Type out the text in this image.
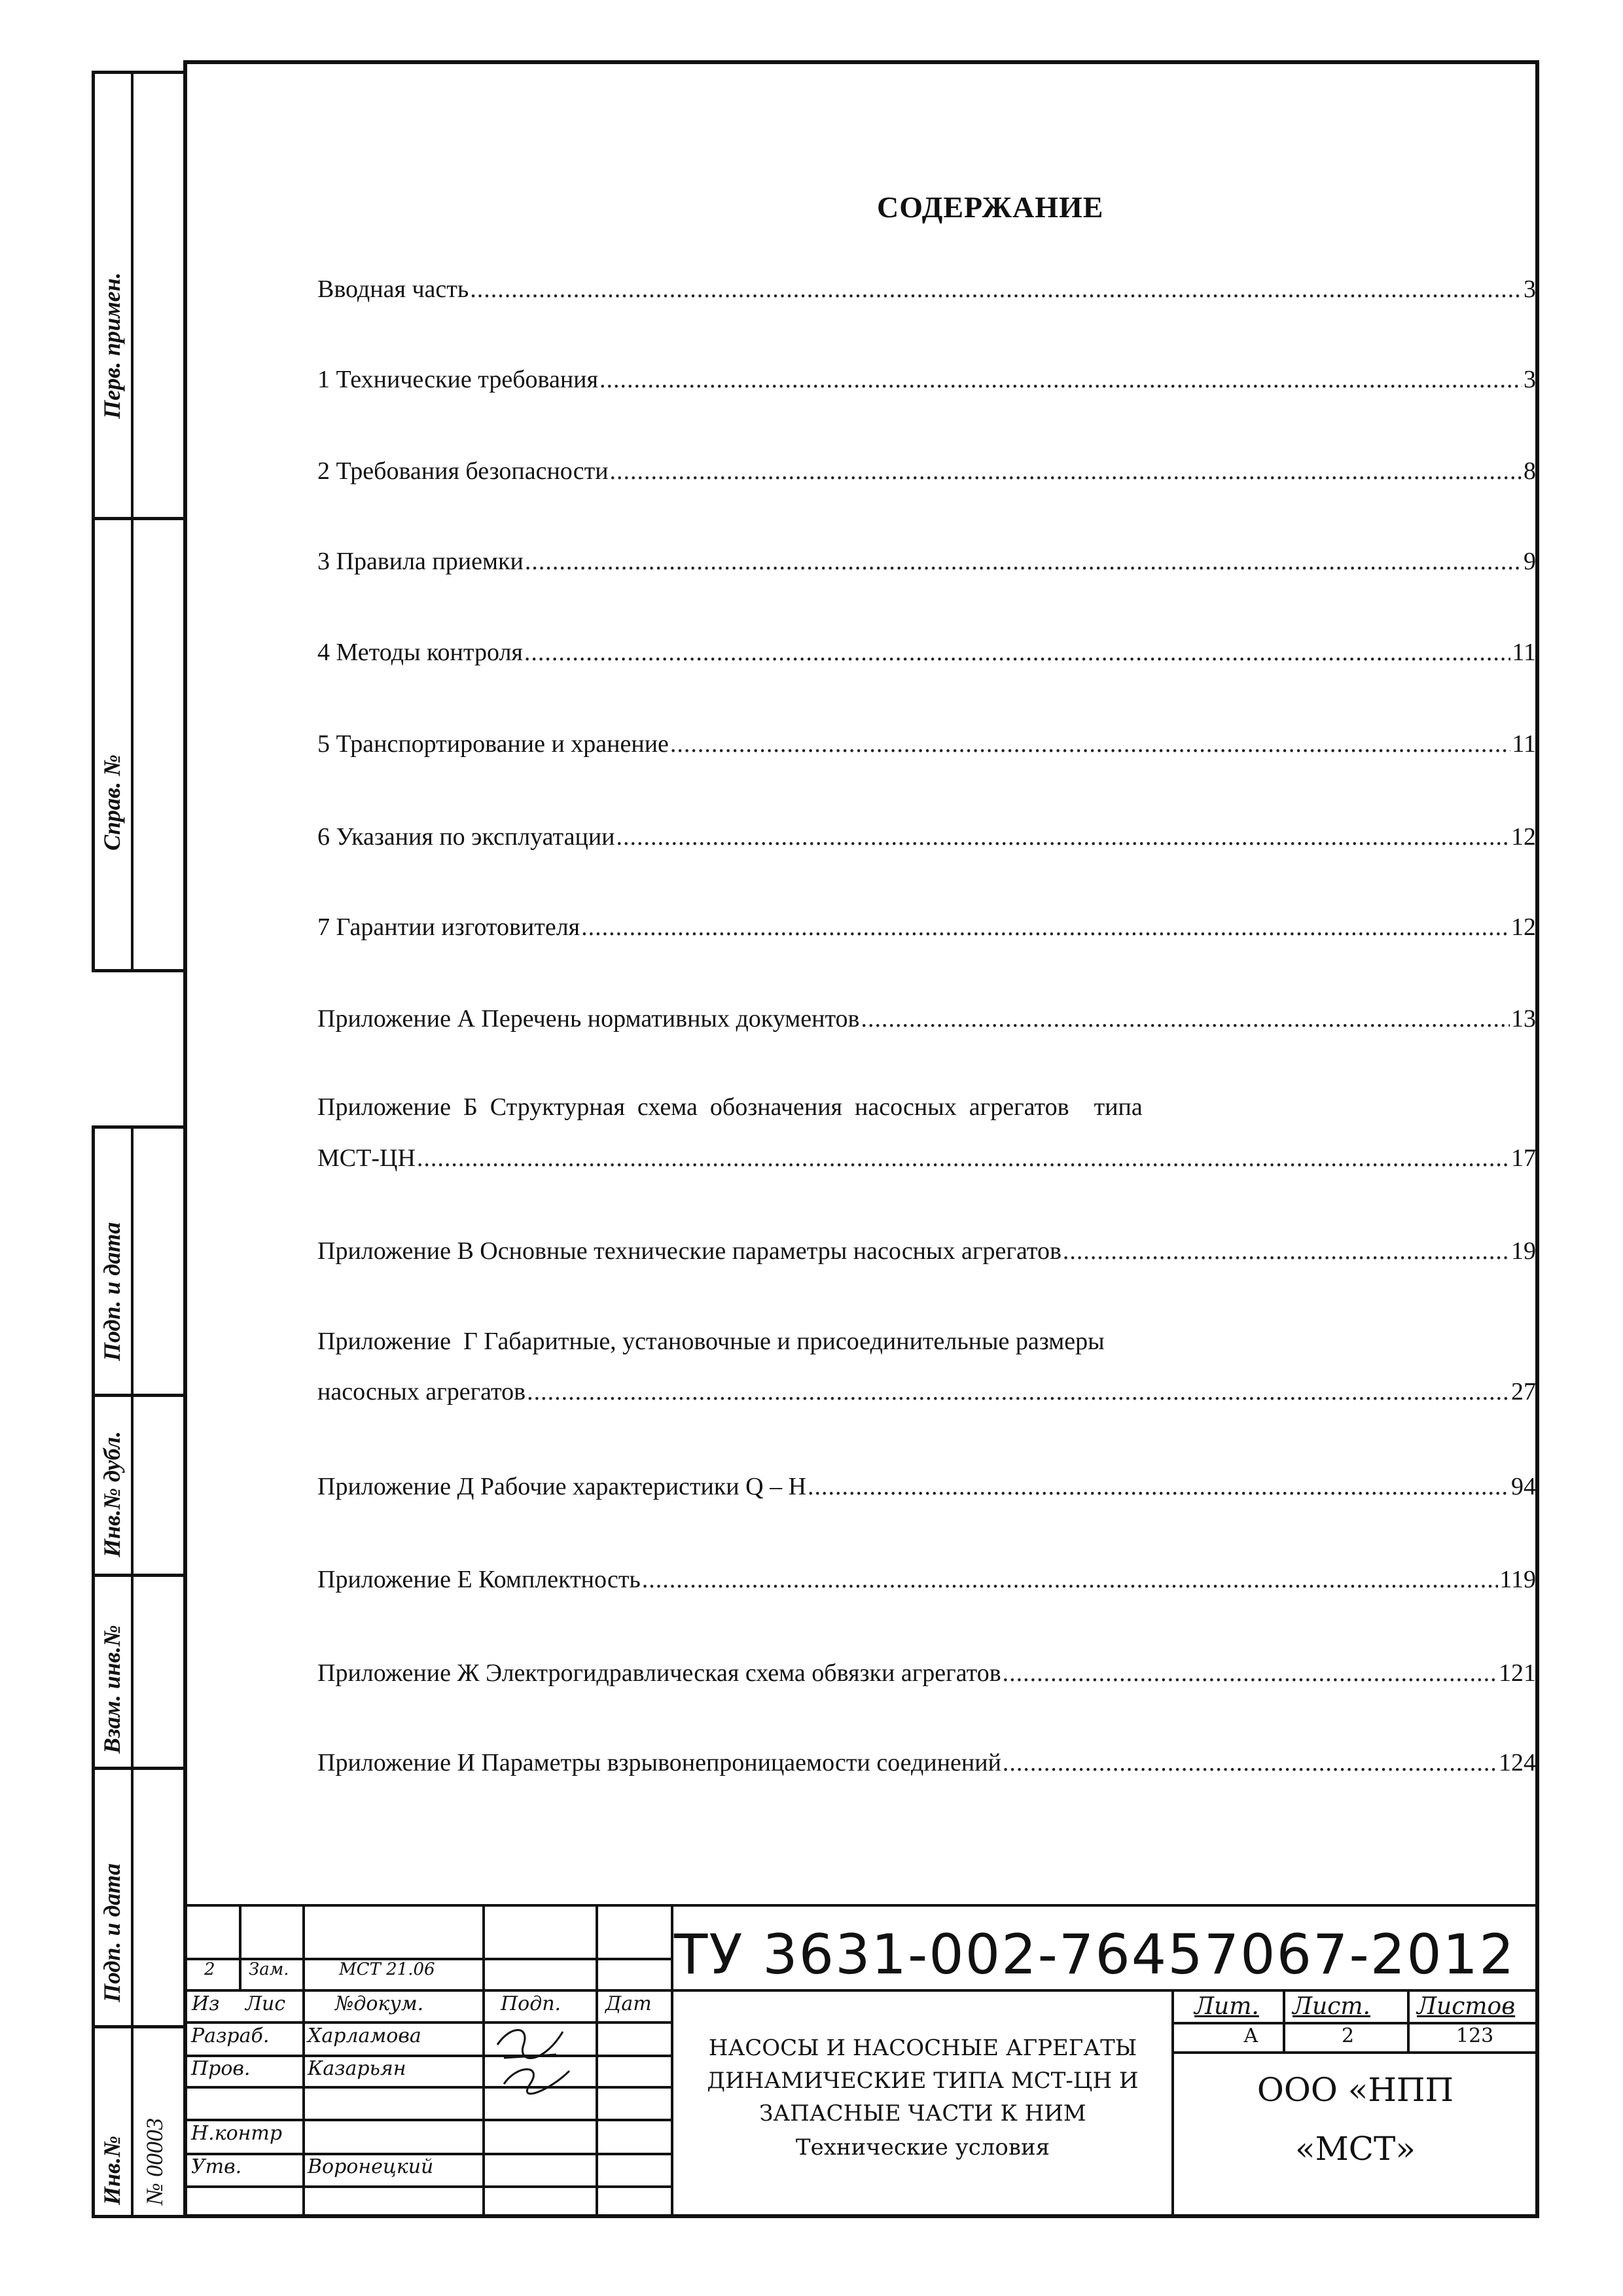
Перв. примен.
Справ. №
Подп. и дата
Инв.№ дубл.
Взам. инв.№
Подп. и дата
Инв.№ № 00003
СОДЕРЖАНИЕ
Вводная часть .....	3
1 Технические требования .....	3
2 Требования безопасности .....	8
3 Правила приемки .....	9
4 Методы контроля .....	11
5 Транспортирование и хранение .....	11
6 Указания по эксплуатации .....	12
7 Гарантии изготовителя .....	12
Приложение А Перечень нормативных документов .....	13
Приложение  Б  Структурная  схема  обозначения  насосных  агрегатов    типа
МСТ-ЦН .....	17
Приложение В Основные технические параметры насосных агрегатов .....	19
Приложение  Г Габаритные, установочные и присоединительные размеры
насосных агрегатов .....	27
Приложение Д Рабочие характеристики Q – H .....	94
Приложение Е Комплектность .....	119
Приложение Ж Электрогидравлическая схема обвязки агрегатов .....	121
Приложение И Параметры взрывонепроницаемости соединений .....	124
2 Зам.	МСТ 21.06
Из Лис	№докум.	Подп. Дат
Разраб. Харламова
Пров.	Казарьян
Н.контр
Утв.	Воронецкий
ТУ 3631-002-76457067-2012
НАСОСЫ И НАСОСНЫЕ АГРЕГАТЫ
ДИНАМИЧЕСКИЕ ТИПА МСТ-ЦН И
ЗАПАСНЫЕ ЧАСТИ К НИМ
Технические условия
Лит. Лист. Листов
А	2	123
ООО «НПП
«МСТ»
